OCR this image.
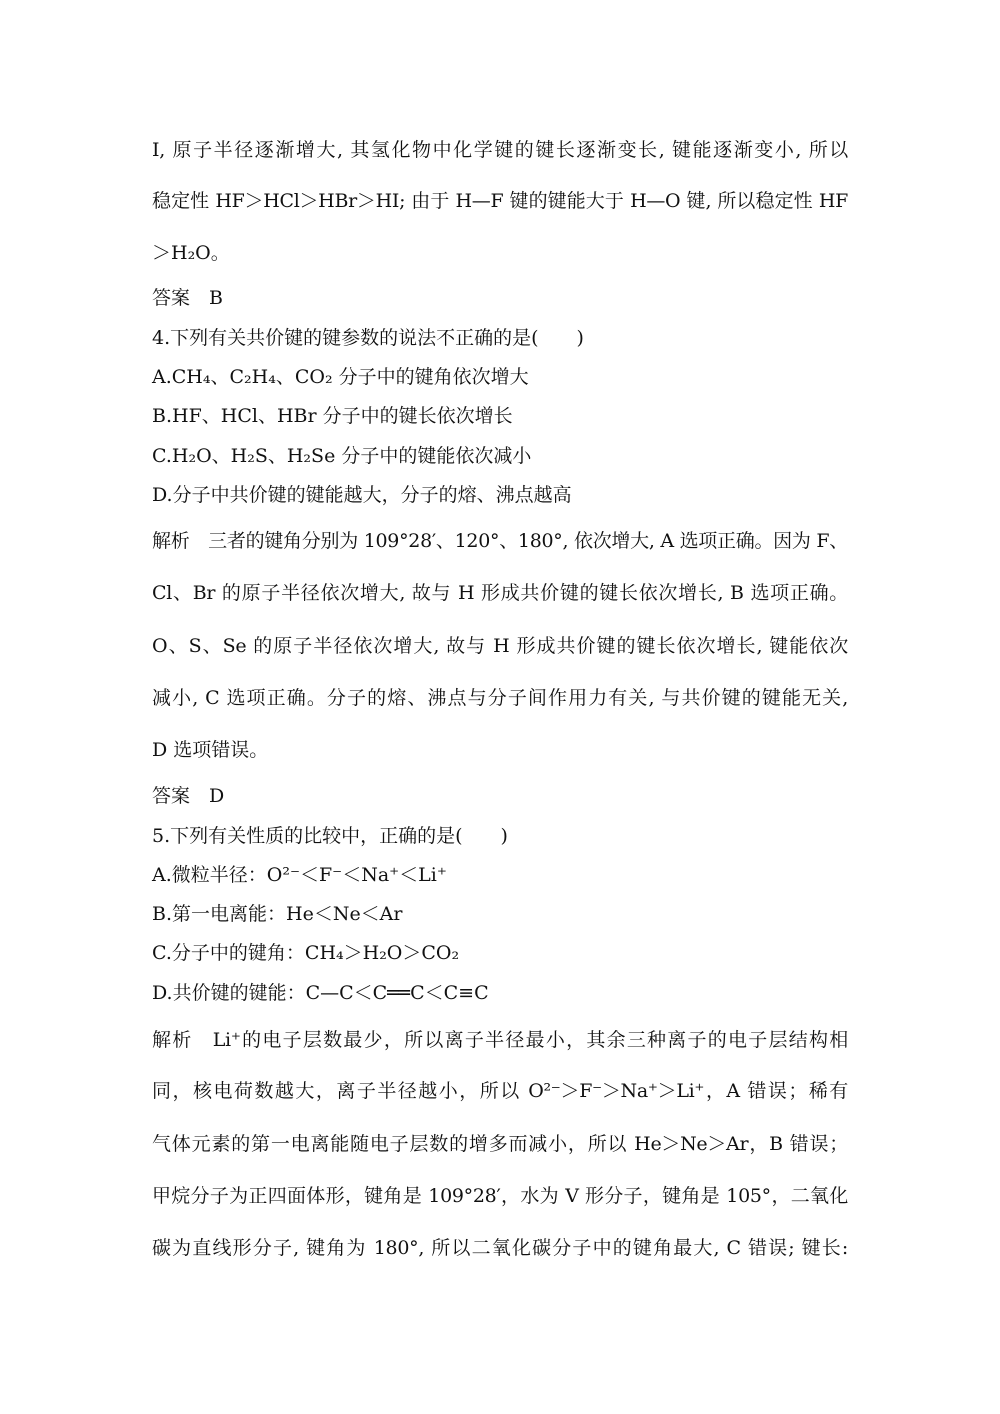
I, 原子半径逐渐增大, 其氢化物中化学键的键长逐渐变长, 键能逐渐变小, 所以
稳定性 HF＞HCl＞HBr＞HI; 由于 H—F 键的键能大于 H—O 键, 所以稳定性 HF
＞H₂O。
答案　B
4.下列有关共价键的键参数的说法不正确的是(　　)
A.CH₄、C₂H₄、CO₂ 分子中的键角依次增大
B.HF、HCl、HBr 分子中的键长依次增长
C.H₂O、H₂S、H₂Se 分子中的键能依次减小
D.分子中共价键的键能越大，分子的熔、沸点越高
解析　三者的键角分别为 109°28′、120°、180°, 依次增大, A 选项正确。因为 F、
Cl、Br 的原子半径依次增大, 故与 H 形成共价键的键长依次增长, B 选项正确。
O、S、Se 的原子半径依次增大, 故与 H 形成共价键的键长依次增长, 键能依次
减小, C 选项正确。分子的熔、沸点与分子间作用力有关, 与共价键的键能无关,
D 选项错误。
答案　D
5.下列有关性质的比较中，正确的是(　　)
A.微粒半径：O²⁻＜F⁻＜Na⁺＜Li⁺
B.第一电离能：He＜Ne＜Ar
C.分子中的键角：CH₄＞H₂O＞CO₂
D.共价键的键能：C—C＜C══C＜C≡C
解析　Li⁺的电子层数最少，所以离子半径最小，其余三种离子的电子层结构相
同，核电荷数越大，离子半径越小，所以 O²⁻＞F⁻＞Na⁺＞Li⁺，A 错误；稀有
气体元素的第一电离能随电子层数的增多而减小，所以 He＞Ne＞Ar，B 错误；
甲烷分子为正四面体形，键角是 109°28′，水为 V 形分子，键角是 105°，二氧化
碳为直线形分子, 键角为 180°, 所以二氧化碳分子中的键角最大, C 错误; 键长:
